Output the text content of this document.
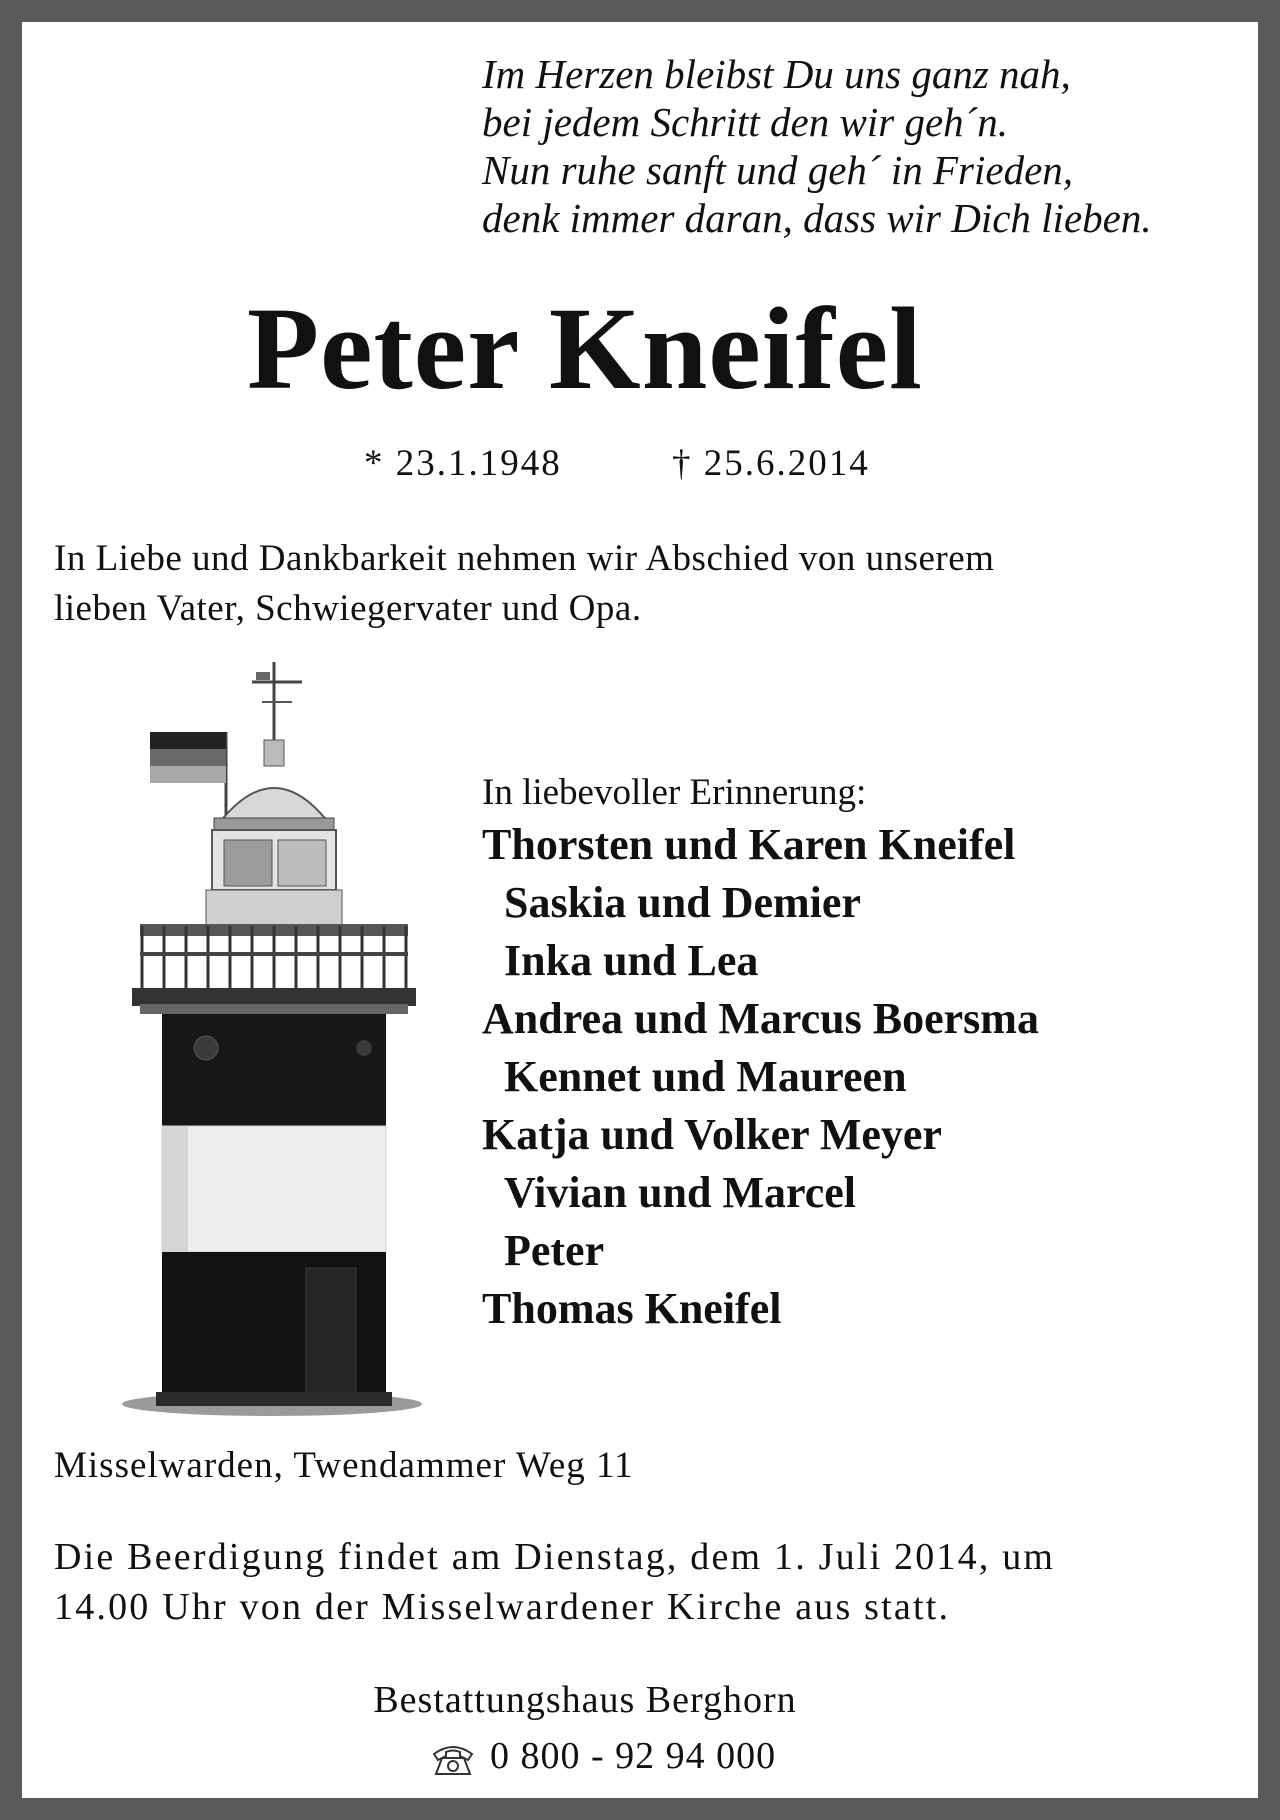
Im Herzen bleibst Du uns ganz nah,
bei jedem Schritt den wir geh´n.
Nun ruhe sanft und geh´ in Frieden,
denk immer daran, dass wir Dich lieben.
Peter Kneifel
* 23.1.1948	† 25.6.2014
In Liebe und Dankbarkeit nehmen wir Abschied von unserem
lieben Vater, Schwiegervater und Opa.
In liebevoller Erinnerung:
Thorsten und Karen Kneifel
Saskia und Demier
Inka und Lea
Andrea und Marcus Boersma
Kennet und Maureen
Katja und Volker Meyer
Vivian und Marcel
Peter
Thomas Kneifel
Misselwarden, Twendammer Weg 11
Die Beerdigung findet am Dienstag, dem 1. Juli 2014, um
14.00 Uhr von der Misselwardener Kirche aus statt.
Bestattungshaus Berghorn
0 800 - 92 94 000
